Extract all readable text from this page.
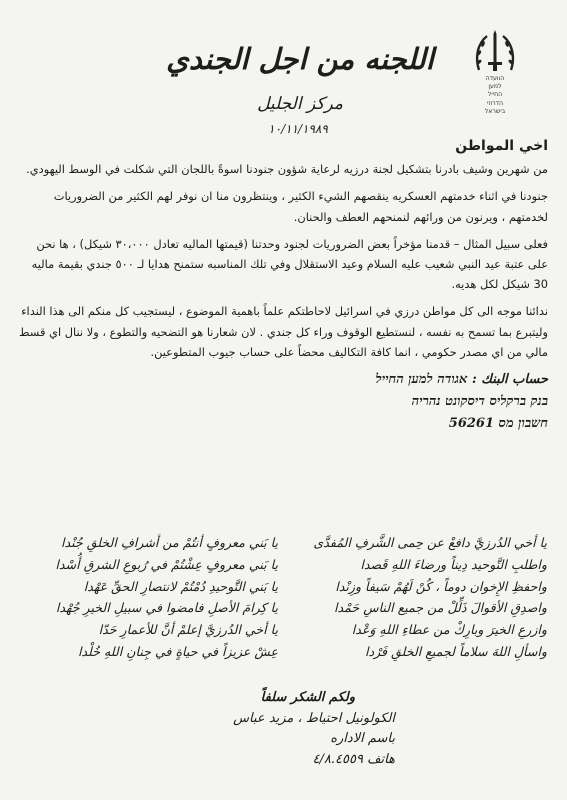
הוועדה
למען
החייל
הדרוזי
בישראל
اللجنه من اجل الجندي
مركز الجليل
١٠/١١/١٩٨٩

اخي المواطن

من شهرين وشيف بادرنا بتشكيل لجنة درزيه لرعاية شؤون جنودنا اسوةً باللجان التي شكلت في الوسط اليهودي.

جنودنا في اثناء خدمتهم العسكريه ينقصهم الشيء الكثير ، وينتظرون منا ان نوفر لهم الكثير من الضروريات لخدمتهم ، ويرنون من ورائهم لنمنحهم العطف والحنان.

فعلى سبيل المثال – قدمنا مؤخراً بعض الضروريات لجنود وحدتنا (قيمتها الماليه تعادل ٣٠،٠٠٠ شيكل) ، ها نحن على عتبة عيد النبي شعيب عليه السلام وعيد الاستقلال وفي تلك المناسبه ستمنح هدايا لـ ٥٠٠ جندي بقيمة ماليه 30 شيكل لكل هديه.

ندائنا موجه الى كل مواطن درزي في اسرائيل لاحاطتكم علماً باهمية الموضوع ، ليستجيب كل منكم الى هذا النداء وليتبرع بما تسمح به نفسه ، لنستطيع الوقوف وراء كل جندي . لان شعارنا هو التضحيه والتطوع ، ولا ننال اي قسط مالي من اي مصدر حكومي ، انما كافة التكاليف محضاً على حساب جيوب المتطوعين.

حساب البنك : אגודה למען החייל

בנק ברקליס דיסקונט נהריה

חשבון מס 56261

يا أخي الدُرزيَّ دافعْ عن حِمى الشَّرفِ المُفدَّى
واطلبِ التَّوحيد دِيناً ورضاءَ اللهِ قَصدا
واحفظِ الإِخوان دوماً ، كُنْ لَهُمْ سَيفاً وزِنْدا
واصدِقِ الأقوالَ ذَلِّلْ من جميع الناسِ حَمْدا
وازرعِ الخيرَ وبارِكْ من عطاءِ اللهِ وَعْدا
واسألِ اللهَ سلاماً لجميعِ الخلقِ فَرْدا
يا بَني معروفٍ أنتُمْ من أشرافِ الخلقِ جُنْدا
يا بَني معروفٍ عِشْتُمْ في رُبوعِ الشرقِ أُسْدا
يا بَني التَّوحيدِ دُمْتُمْ لانتصارِ الحقِّ عَهْدا
يا كِرامَ الأصلِ فامضوا في سبيلِ الخيرِ جُهْدا
يا أخي الدُرزيَّ إعلمْ أنَّ للأعمارِ حَدّا
عِشْ عزيزاً في حياةٍ في جِنانِ اللهِ خُلْدا
ولكم الشكر سلفاً
الكولونيل احتياط ، مزيد عباس
باسم الاداره
هاتف ٤/٨.٤٥٥٩
